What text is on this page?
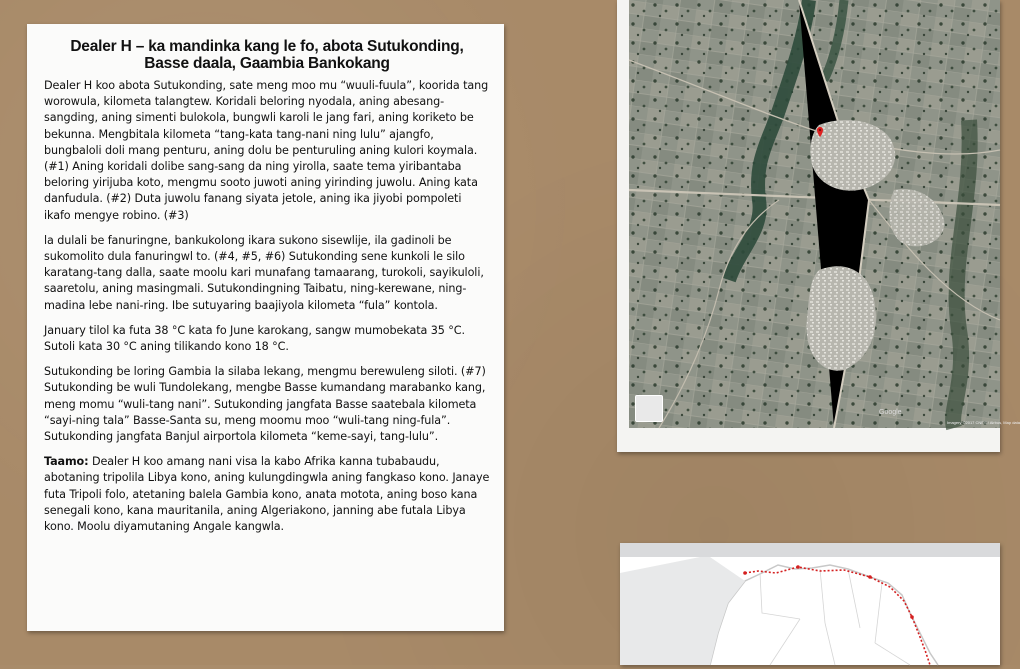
Dealer H – ka mandinka kang le fo, abota Sutukonding,
Basse daala, Gaambia Bankokang

Dealer H koo abota Sutukonding, sate meng moo mu “wuuli-fuula”, koorida tang worowula, kilometa talangtew. Koridali beloring nyodala, aning abesang-sangding, aning simenti bulokola, bungwli karoli le jang fari, aning koriketo be bekunna. Mengbitala kilometa “tang-kata tang-nani ning lulu” ajangfo, bungbaloli doli mang penturu, aning dolu be penturuling aning kulori koymala. (#1) Aning koridali dolibe sang-sang da ning yirolla, saate tema yiribantaba beloring yirijuba koto, mengmu sooto juwoti aning yirinding juwolu. Aning kata danfudula. (#2) Duta juwolu fanang siyata jetole, aning ika jiyobi pompoleti ikafo mengye robino. (#3)

la dulali be fanuringne, bankukolong ikara sukono sisewlije, ila gadinoli be sukomolito dula fanuringwl to. (#4, #5, #6) Sutukonding sene kunkoli le silo karatang-tang dalla, saate moolu kari munafang tamaarang, turokoli, sayikuloli, saaretolu, aning masingmali. Sutukondingning Taibatu, ning-kerewane, ning-madina lebe nani-ring. Ibe sutuyaring baajiyola kilometa “fula” kontola.

January tilol ka futa 38 °C kata fo June karokang, sangw mumobekata 35 °C. Sutoli kata 30 °C aning tilikando kono 18 °C.

Sutukonding be loring Gambia la silaba lekang, mengmu berewuleng siloti. (#7) Sutukonding be wuli Tundolekang, mengbe Basse kumandang marabanko kang, meng momu “wuli-tang nani”. Sutukonding jangfata Basse saatebala kilometa “sayi-ning tala” Basse-Santa su, meng moomu moo “wuli-tang ning-fula”. Sutukonding jangfata Banjul airportola kilometa “keme-sayi, tang-lulu”.

Taamo: Dealer H koo amang nani visa la kabo Afrika kanna tubabaudu, abotaning tripolila Libya kono, aning kulungdingwla aning fangkaso kono. Janaye futa Tripoli folo, atetaning balela Gambia kono, anata mototа, aning boso kana senegali kono, kana mauritanila, aning Algeriakono, janning abe futala Libya kono. Moolu diyamutaning Angale kangwla.

Google
Imagery ©2017 CNES / Airbus, Map data
